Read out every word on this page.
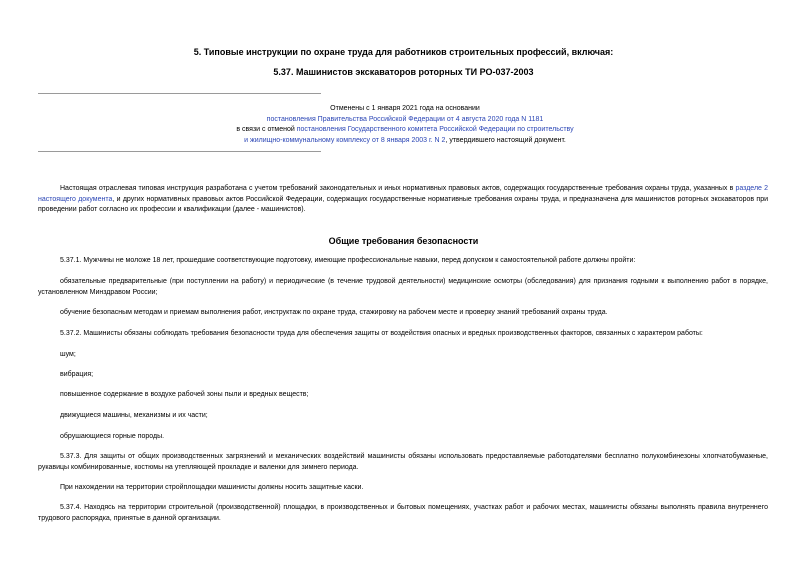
5. Типовые инструкции по охране труда для работников строительных профессий, включая:
5.37. Машинистов экскаваторов роторных ТИ РО-037-2003
Отменены с 1 января 2021 года на основании
постановления Правительства Российской Федерации от 4 августа 2020 года N 1181
в связи с отменой постановления Государственного комитета Российской Федерации по строительству
и жилищно-коммунальному комплексу от 8 января 2003 г. N 2, утвердившего настоящий документ.
Настоящая отраслевая типовая инструкция разработана с учетом требований законодательных и иных нормативных правовых актов, содержащих государственные требования охраны труда, указанных в разделе 2 настоящего документа, и других нормативных правовых актов Российской Федерации, содержащих государственные нормативные требования охраны труда, и предназначена для машинистов роторных экскаваторов при проведении работ согласно их профессии и квалификации (далее - машинистов).
Общие требования безопасности
5.37.1. Мужчины не моложе 18 лет, прошедшие соответствующие подготовку, имеющие профессиональные навыки, перед допуском к самостоятельной работе должны пройти:
обязательные предварительные (при поступлении на работу) и периодические (в течение трудовой деятельности) медицинские осмотры (обследования) для признания годными к выполнению работ в порядке, установленном Минздравом России;
обучение безопасным методам и приемам выполнения работ, инструктаж по охране труда, стажировку на рабочем месте и проверку знаний требований охраны труда.
5.37.2. Машинисты обязаны соблюдать требования безопасности труда для обеспечения защиты от воздействия опасных и вредных производственных факторов, связанных с характером работы:
шум;
вибрация;
повышенное содержание в воздухе рабочей зоны пыли и вредных веществ;
движущиеся машины, механизмы и их части;
обрушающиеся горные породы.
5.37.3. Для защиты от общих производственных загрязнений и механических воздействий машинисты обязаны использовать предоставляемые работодателями бесплатно полукомбинезоны хлопчатобумажные, рукавицы комбинированные, костюмы на утепляющей прокладке и валенки для зимнего периода.
При нахождении на территории стройплощадки машинисты должны носить защитные каски.
5.37.4. Находясь на территории строительной (производственной) площадки, в производственных и бытовых помещениях, участках работ и рабочих местах, машинисты обязаны выполнять правила внутреннего трудового распорядка, принятые в данной организации.
